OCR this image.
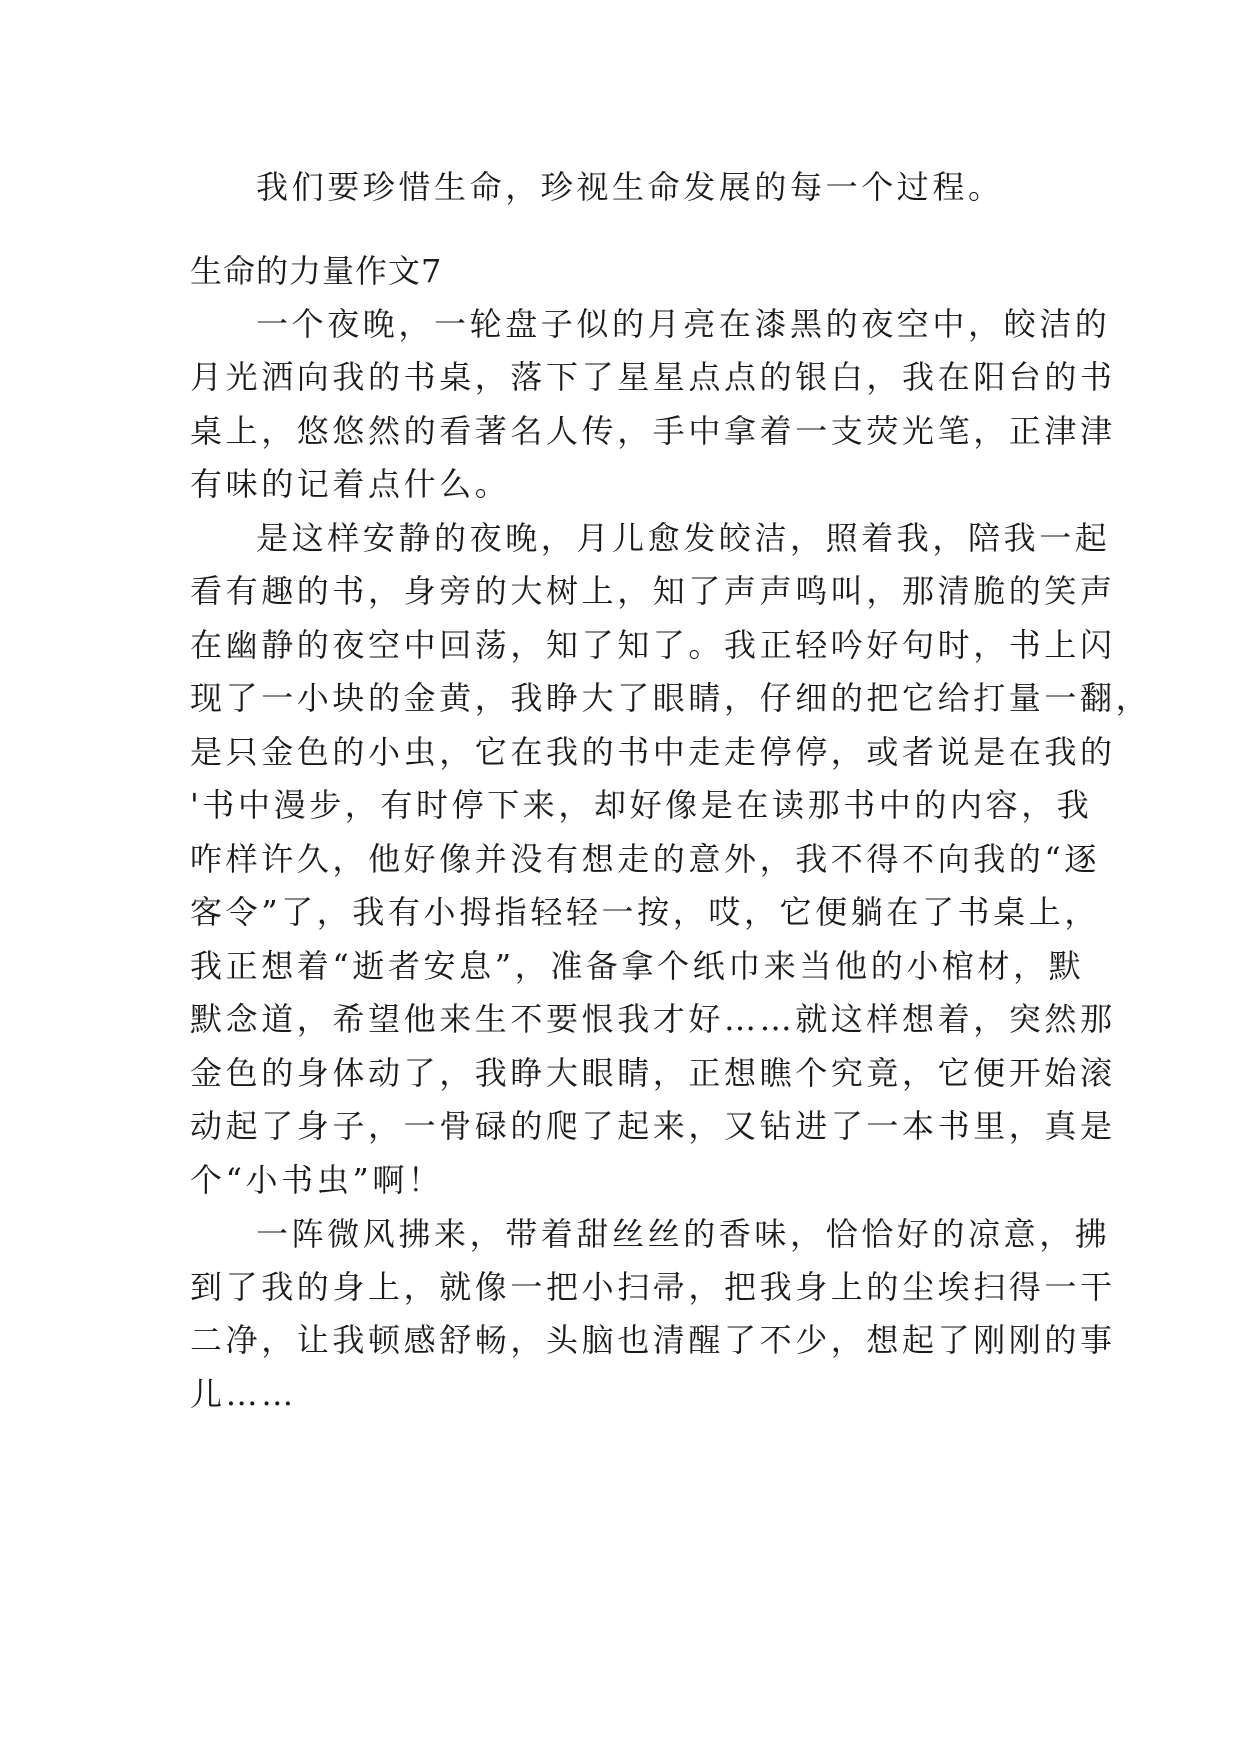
我们要珍惜生命，珍视生命发展的每一个过程。
生命的力量作文7
一个夜晚，一轮盘子似的月亮在漆黑的夜空中，皎洁的
月光洒向我的书桌，落下了星星点点的银白，我在阳台的书
桌上，悠悠然的看著名人传，手中拿着一支荧光笔，正津津
有味的记着点什么。
是这样安静的夜晚，月儿愈发皎洁，照着我，陪我一起
看有趣的书，身旁的大树上，知了声声鸣叫，那清脆的笑声
在幽静的夜空中回荡，知了知了。我正轻吟好句时，书上闪
现了一小块的金黄，我睁大了眼睛，仔细的把它给打量一翻，
是只金色的小虫，它在我的书中走走停停，或者说是在我的
'书中漫步，有时停下来，却好像是在读那书中的内容，我
咋样许久，他好像并没有想走的意外，我不得不向我的“逐
客令”了，我有小拇指轻轻一按，哎，它便躺在了书桌上，
我正想着“逝者安息”，准备拿个纸巾来当他的小棺材，默
默念道，希望他来生不要恨我才好……就这样想着，突然那
金色的身体动了，我睁大眼睛，正想瞧个究竟，它便开始滚
动起了身子，一骨碌的爬了起来，又钻进了一本书里，真是
个“小书虫”啊！
一阵微风拂来，带着甜丝丝的香味，恰恰好的凉意，拂
到了我的身上，就像一把小扫帚，把我身上的尘埃扫得一干
二净，让我顿感舒畅，头脑也清醒了不少，想起了刚刚的事
儿……
